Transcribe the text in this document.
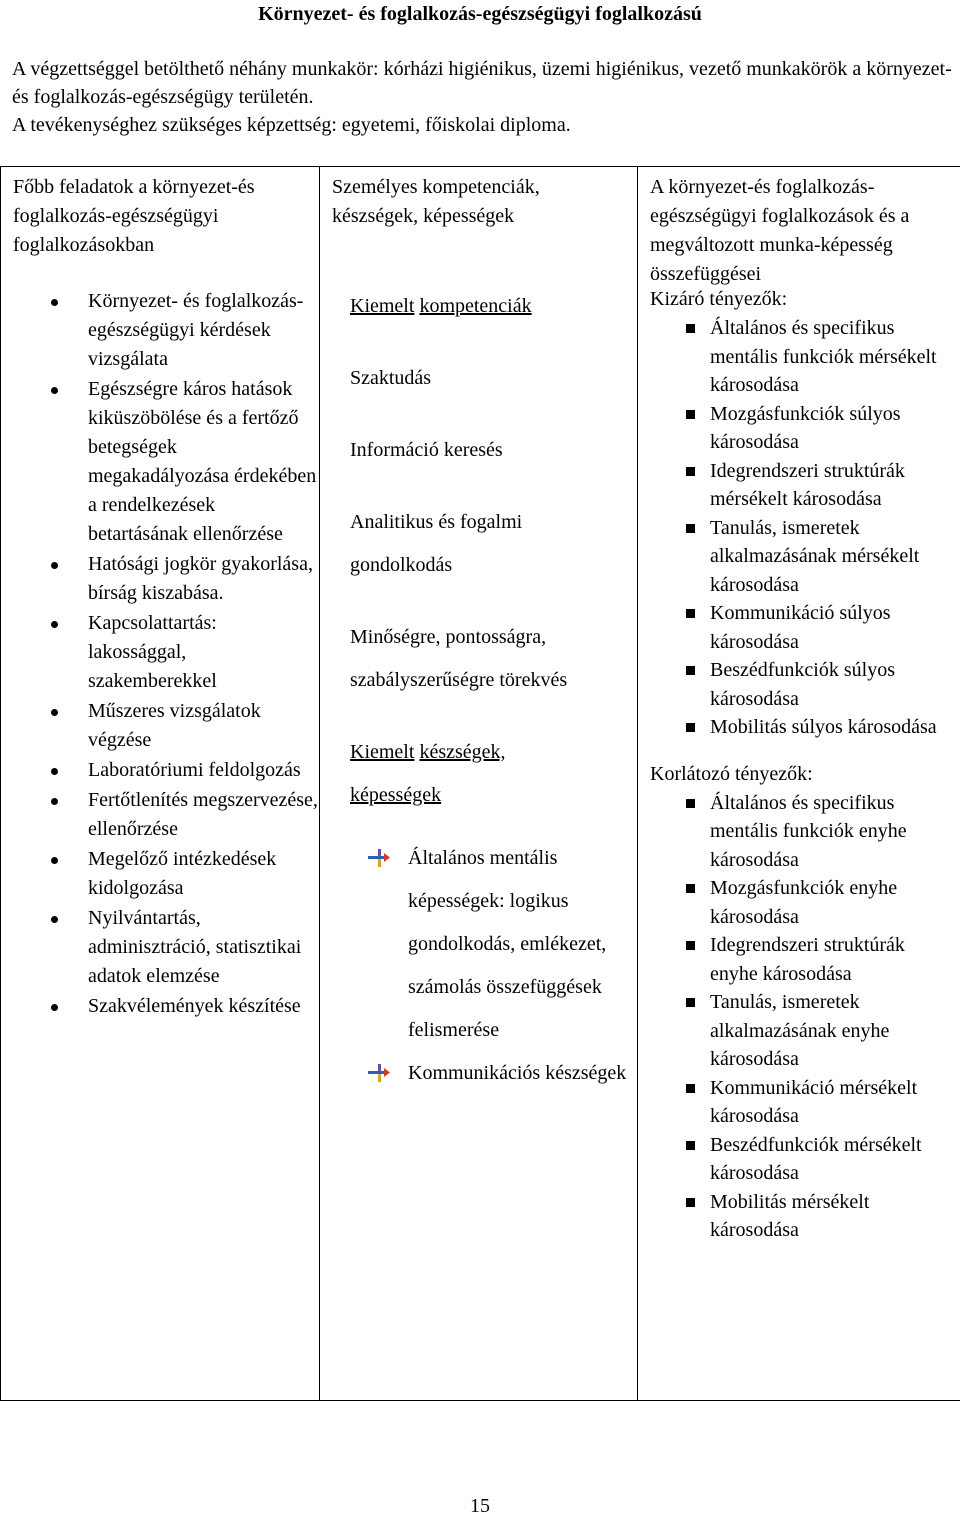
Környezet- és foglalkozás-egészségügyi foglalkozású

A végzettséggel betölthető néhány munkakör: kórházi higiénikus, üzemi higiénikus, vezető munkakörök a környezet- és foglalkozás-egészségügy területén.

A tevékenységhez szükséges képzettség: egyetemi, főiskolai diploma.

Főbb feladatok a környezet-és foglalkozás-egészségügyi foglalkozásokban
Környezet- és foglalkozás-egészségügyi kérdések vizsgálata
Egészségre káros hatások kiküszöbölése és a fertőző betegségek megakadályozása érdekében a rendelkezések betartásának ellenőrzése
Hatósági jogkör gyakorlása, bírság kiszabása.
Kapcsolattartás: lakossággal, szakemberekkel
Műszeres vizsgálatok végzése
Laboratóriumi feldolgozás
Fertőtlenítés megszervezése, ellenőrzése
Megelőző intézkedések kidolgozása
Nyilvántartás, adminisztráció, statisztikai adatok elemzése
Szakvélemények készítése

Személyes kompetenciák, készségek, képességek
Kiemelt kompetenciák
Szaktudás
Információ keresés
Analitikus és fogalmi
gondolkodás
Minőségre, pontosságra,
szabályszerűségre törekvés
Kiemelt készségek,
képességek
Általános mentális képességek: logikus gondolkodás, emlékezet, számolás összefüggések felismerése
Kommunikációs készségek

A környezet-és foglalkozás-egészségügyi foglalkozások és a megváltozott munka-képesség összefüggései
Kizáró tényezők:
Általános és specifikus mentális funkciók mérsékelt károsodása
Mozgásfunkciók súlyos károsodása
Idegrendszeri struktúrák mérsékelt károsodása
Tanulás, ismeretek alkalmazásának mérsékelt károsodása
Kommunikáció súlyos károsodása
Beszédfunkciók súlyos károsodása
Mobilitás súlyos károsodása
Korlátozó tényezők:
Általános és specifikus mentális funkciók enyhe károsodása
Mozgásfunkciók enyhe károsodása
Idegrendszeri struktúrák enyhe károsodása
Tanulás, ismeretek alkalmazásának enyhe károsodása
Kommunikáció mérsékelt károsodása
Beszédfunkciók mérsékelt károsodása
Mobilitás mérsékelt károsodása

15
